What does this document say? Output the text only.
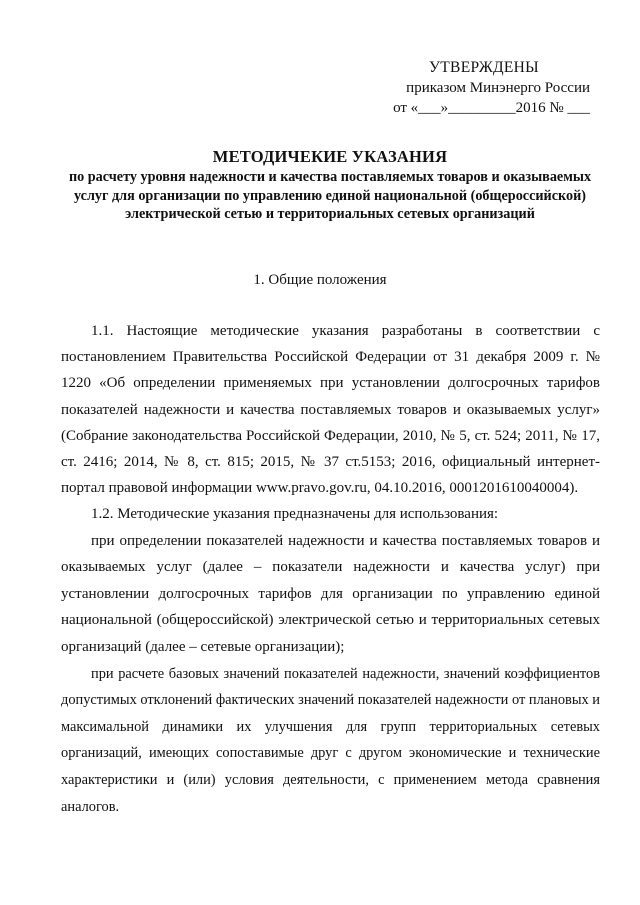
УТВЕРЖДЕНЫ
приказом Минэнерго России
от «___»_________2016 № ___
МЕТОДИЧЕКИЕ УКАЗАНИЯ
по расчету уровня надежности и качества поставляемых товаров и оказываемых услуг для организации по управлению единой национальной (общероссийской) электрической сетью и территориальных сетевых организаций
1. Общие положения

1.1. Настоящие методические указания разработаны в соответствии с постановлением Правительства Российской Федерации от 31 декабря 2009 г. № 1220 «Об определении применяемых при установлении долгосрочных тарифов показателей надежности и качества поставляемых товаров и оказываемых услуг» (Собрание законодательства Российской Федерации, 2010, № 5, ст. 524; 2011, № 17, ст. 2416; 2014, № 8, ст. 815; 2015, № 37 ст.5153; 2016, официальный интернет-портал правовой информации www.pravo.gov.ru, 04.10.2016, 0001201610040004).

1.2. Методические указания предназначены для использования:

при определении показателей надежности и качества поставляемых товаров и оказываемых услуг (далее – показатели надежности и качества услуг) при установлении долгосрочных тарифов для организации по управлению единой национальной (общероссийской) электрической сетью и территориальных сетевых организаций (далее – сетевые организации);

при расчете базовых значений показателей надежности, значений коэффициентов допустимых отклонений фактических значений показателей надежности от плановых и максимальной динамики их улучшения для групп территориальных сетевых организаций, имеющих сопоставимые друг с другом экономические и технические характеристики и (или) условия деятельности, с применением метода сравнения аналогов.
